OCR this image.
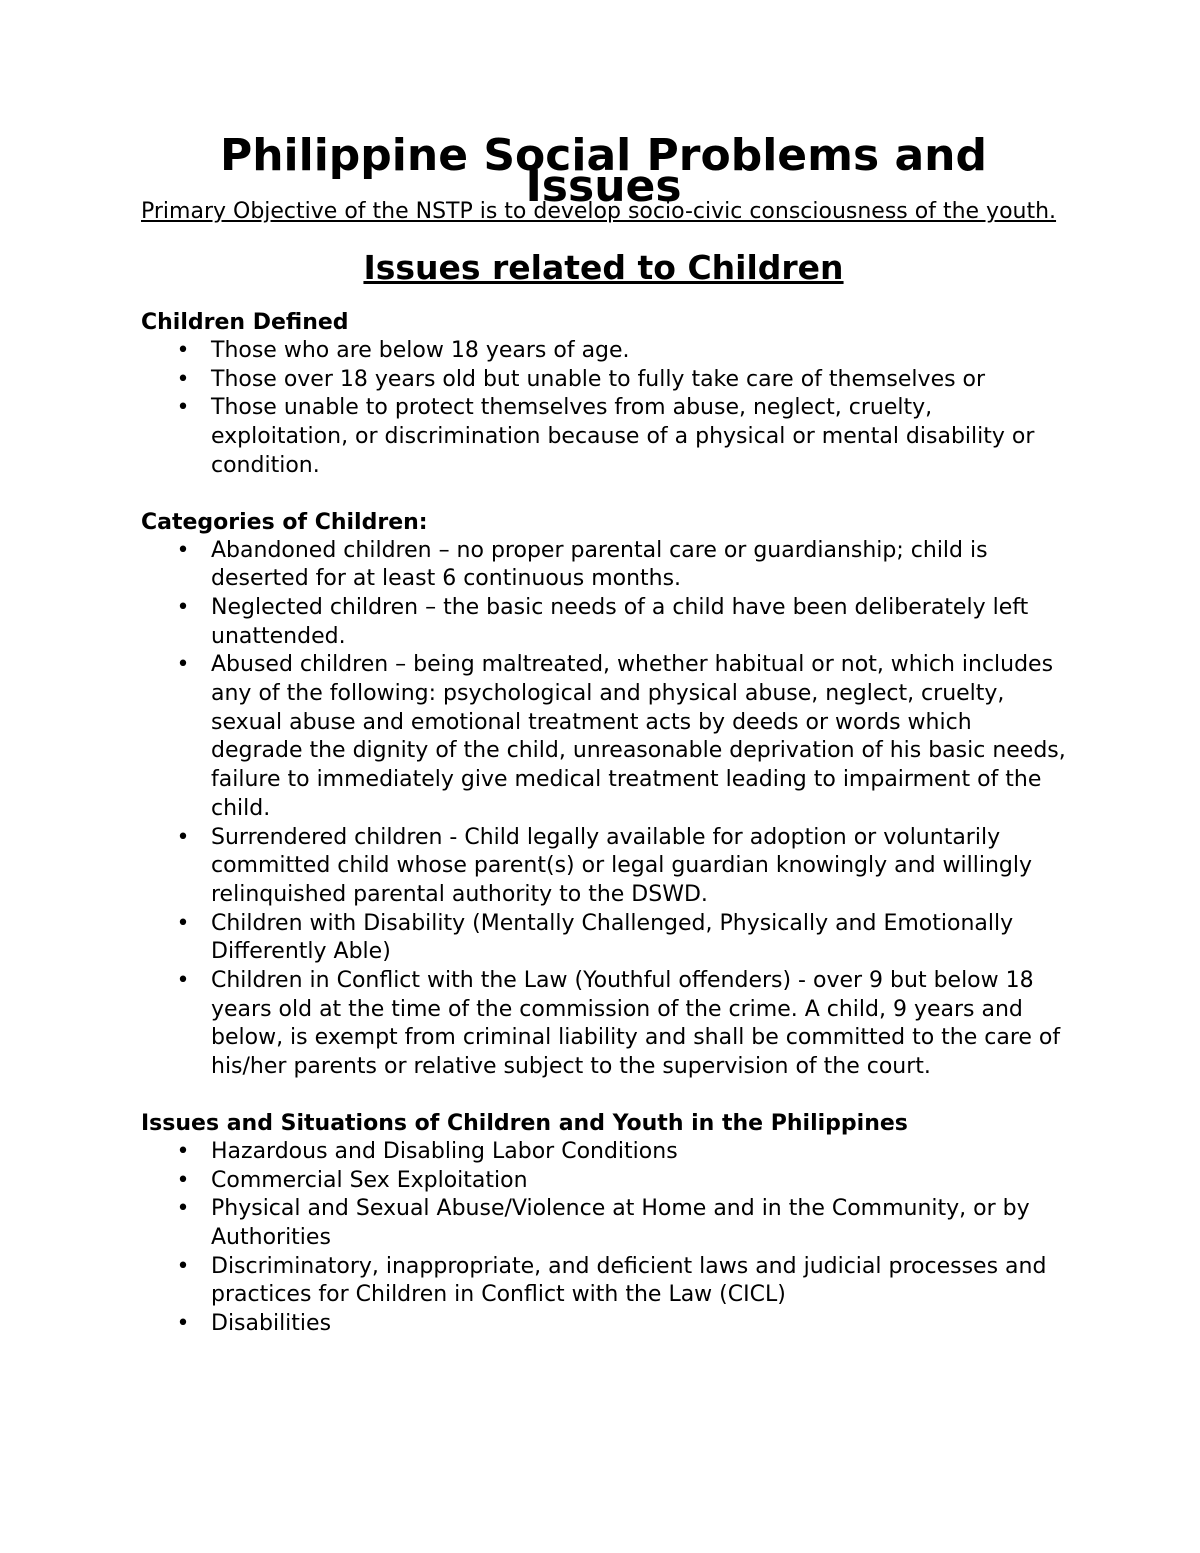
Philippine Social Problems and Issues

Primary Objective of the NSTP is to develop socio-civic consciousness of the youth.

Issues related to Children
Children Defined
• Those who are below 18 years of age.
• Those over 18 years old but unable to fully take care of themselves or
• Those unable to protect themselves from abuse, neglect, cruelty, exploitation, or discrimination because of a physical or mental disability or condition.
Categories of Children:
• Abandoned children – no proper parental care or guardianship; child is deserted for at least 6 continuous months.
• Neglected children – the basic needs of a child have been deliberately left unattended.
• Abused children – being maltreated, whether habitual or not, which includes any of the following: psychological and physical abuse, neglect, cruelty, sexual abuse and emotional treatment acts by deeds or words which degrade the dignity of the child, unreasonable deprivation of his basic needs, failure to immediately give medical treatment leading to impairment of the child.
• Surrendered children - Child legally available for adoption or voluntarily committed child whose parent(s) or legal guardian knowingly and willingly relinquished parental authority to the DSWD.
• Children with Disability (Mentally Challenged, Physically and Emotionally Differently Able)
• Children in Conflict with the Law (Youthful offenders) - over 9 but below 18 years old at the time of the commission of the crime. A child, 9 years and below, is exempt from criminal liability and shall be committed to the care of his/her parents or relative subject to the supervision of the court.
Issues and Situations of Children and Youth in the Philippines
• Hazardous and Disabling Labor Conditions
• Commercial Sex Exploitation
• Physical and Sexual Abuse/Violence at Home and in the Community, or by Authorities
• Discriminatory, inappropriate, and deficient laws and judicial processes and practices for Children in Conflict with the Law (CICL)
• Disabilities
